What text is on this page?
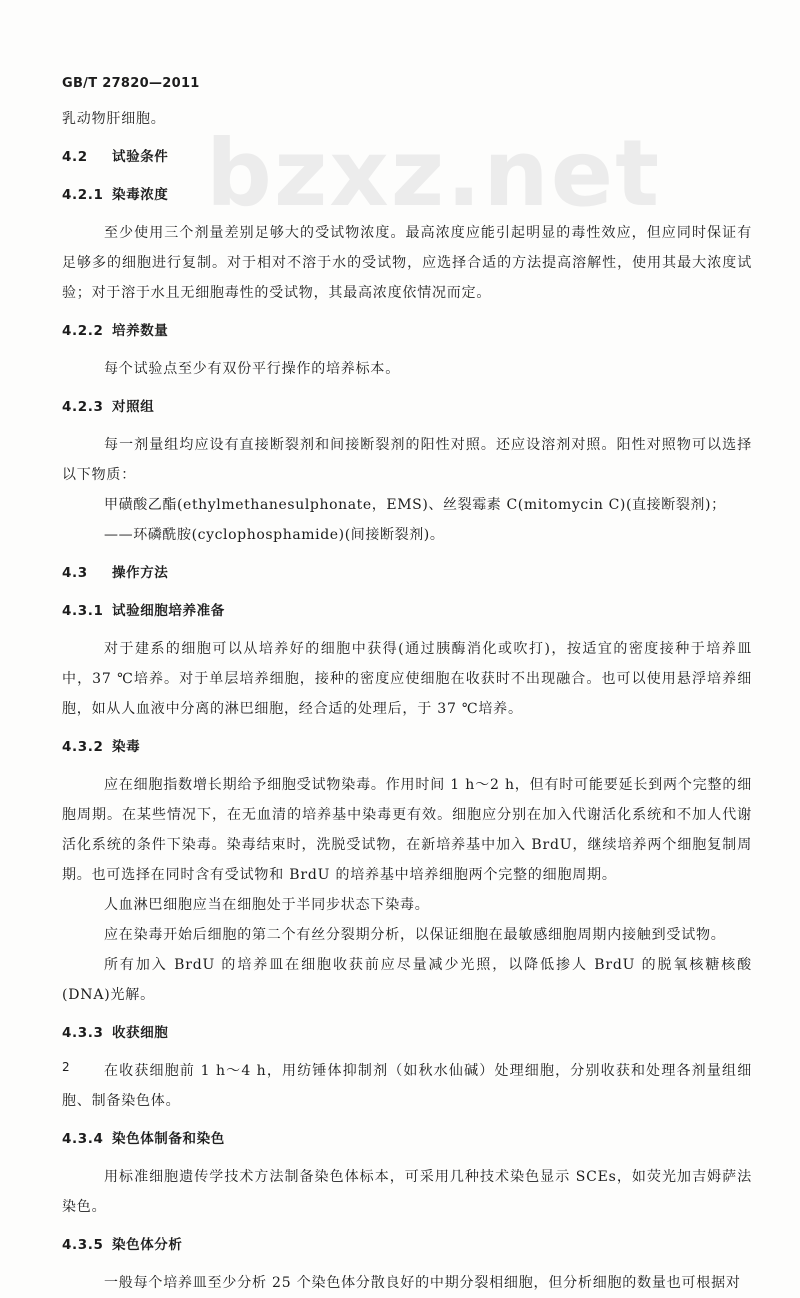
GB/T 27820—2011
bzxz.net

乳动物肝细胞。

4.2 试验条件
4.2.1 染毒浓度

至少使用三个剂量差别足够大的受试物浓度。最高浓度应能引起明显的毒性效应，但应同时保证有足够多的细胞进行复制。对于相对不溶于水的受试物，应选择合适的方法提高溶解性，使用其最大浓度试验；对于溶于水且无细胞毒性的受试物，其最高浓度依情况而定。

4.2.2 培养数量

每个试验点至少有双份平行操作的培养标本。

4.2.3 对照组

每一剂量组均应设有直接断裂剂和间接断裂剂的阳性对照。还应设溶剂对照。阳性对照物可以选择以下物质：

甲磺酸乙酯(ethylmethanesulphonate，EMS)、丝裂霉素 C(mitomycin C)(直接断裂剂)；

——环磷酰胺(cyclophosphamide)(间接断裂剂)。

4.3 操作方法
4.3.1 试验细胞培养准备

对于建系的细胞可以从培养好的细胞中获得(通过胰酶消化或吹打)，按适宜的密度接种于培养皿中，37 ℃培养。对于单层培养细胞，接种的密度应使细胞在收获时不出现融合。也可以使用悬浮培养细胞，如从人血液中分离的淋巴细胞，经合适的处理后，于 37 ℃培养。

4.3.2 染毒

应在细胞指数增长期给予细胞受试物染毒。作用时间 1 h～2 h，但有时可能要延长到两个完整的细胞周期。在某些情况下，在无血清的培养基中染毒更有效。细胞应分别在加入代谢活化系统和不加人代谢活化系统的条件下染毒。染毒结束时，洗脱受试物，在新培养基中加入 BrdU，继续培养两个细胞复制周期。也可选择在同时含有受试物和 BrdU 的培养基中培养细胞两个完整的细胞周期。

人血淋巴细胞应当在细胞处于半同步状态下染毒。

应在染毒开始后细胞的第二个有丝分裂期分析，以保证细胞在最敏感细胞周期内接触到受试物。

所有加入 BrdU 的培养皿在细胞收获前应尽量减少光照，以降低掺人 BrdU 的脱氧核糖核酸(DNA)光解。

4.3.3 收获细胞

在收获细胞前 1 h～4 h，用纺锤体抑制剂（如秋水仙碱）处理细胞，分别收获和处理各剂量组细胞、制备染色体。

4.3.4 染色体制备和染色

用标准细胞遗传学技术方法制备染色体标本，可采用几种技术染色显示 SCEs，如荧光加吉姆萨法染色。

4.3.5 染色体分析

一般每个培养皿至少分析 25 个染色体分散良好的中期分裂相细胞，但分析细胞的数量也可根据对

2
